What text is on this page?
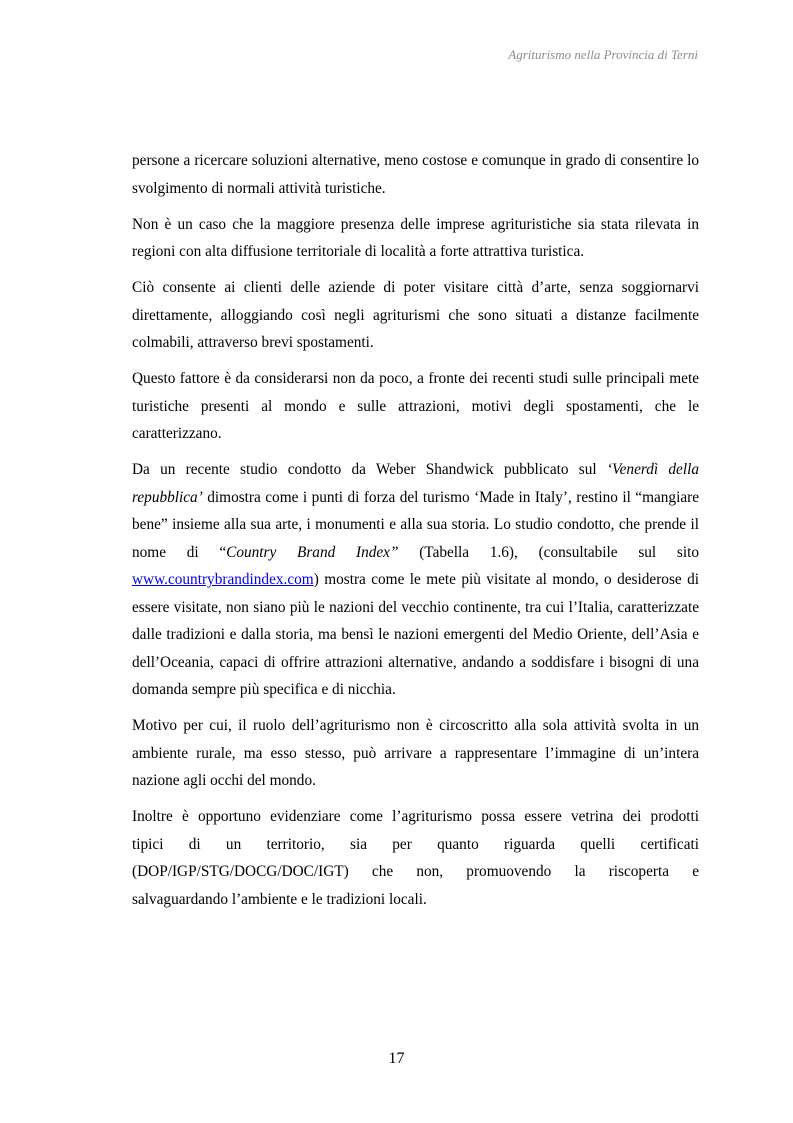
Agriturismo nella Provincia di Terni

persone a ricercare soluzioni alternative, meno costose e comunque in grado di consentire lo svolgimento di normali attività turistiche.

Non è un caso che la maggiore presenza delle imprese agrituristiche sia stata rilevata in regioni con alta diffusione territoriale di località a forte attrattiva turistica.

Ciò consente ai clienti delle aziende di poter visitare città d’arte, senza soggiornarvi direttamente, alloggiando così negli agriturismi che sono situati a distanze facilmente colmabili, attraverso brevi spostamenti.

Questo fattore è da considerarsi non da poco, a fronte dei recenti studi sulle principali mete turistiche presenti al mondo e sulle attrazioni, motivi degli spostamenti, che le caratterizzano.

Da un recente studio condotto da Weber Shandwick pubblicato sul ‘Venerdì della repubblica’ dimostra come i punti di forza del turismo ‘Made in Italy’, restino il “mangiare bene” insieme alla sua arte, i monumenti e alla sua storia. Lo studio condotto, che prende il nome di “Country Brand Index” (Tabella 1.6), (consultabile sul sito www.countrybrandindex.com) mostra come le mete più visitate al mondo, o desiderose di essere visitate, non siano più le nazioni del vecchio continente, tra cui l’Italia, caratterizzate dalle tradizioni e dalla storia, ma bensì le nazioni emergenti del Medio Oriente, dell’Asia e dell’Oceania, capaci di offrire attrazioni alternative, andando a soddisfare i bisogni di una domanda sempre più specifica e di nicchia.

Motivo per cui, il ruolo dell’agriturismo non è circoscritto alla sola attività svolta in un ambiente rurale, ma esso stesso, può arrivare a rappresentare l’immagine di un’intera nazione agli occhi del mondo.

Inoltre è opportuno evidenziare come l’agriturismo possa essere vetrina dei prodotti

tipici di un territorio, sia per quanto riguarda quelli certificati

(DOP/IGP/STG/DOCG/DOC/IGT) che non, promuovendo la riscoperta e

salvaguardando l’ambiente e le tradizioni locali.

17
